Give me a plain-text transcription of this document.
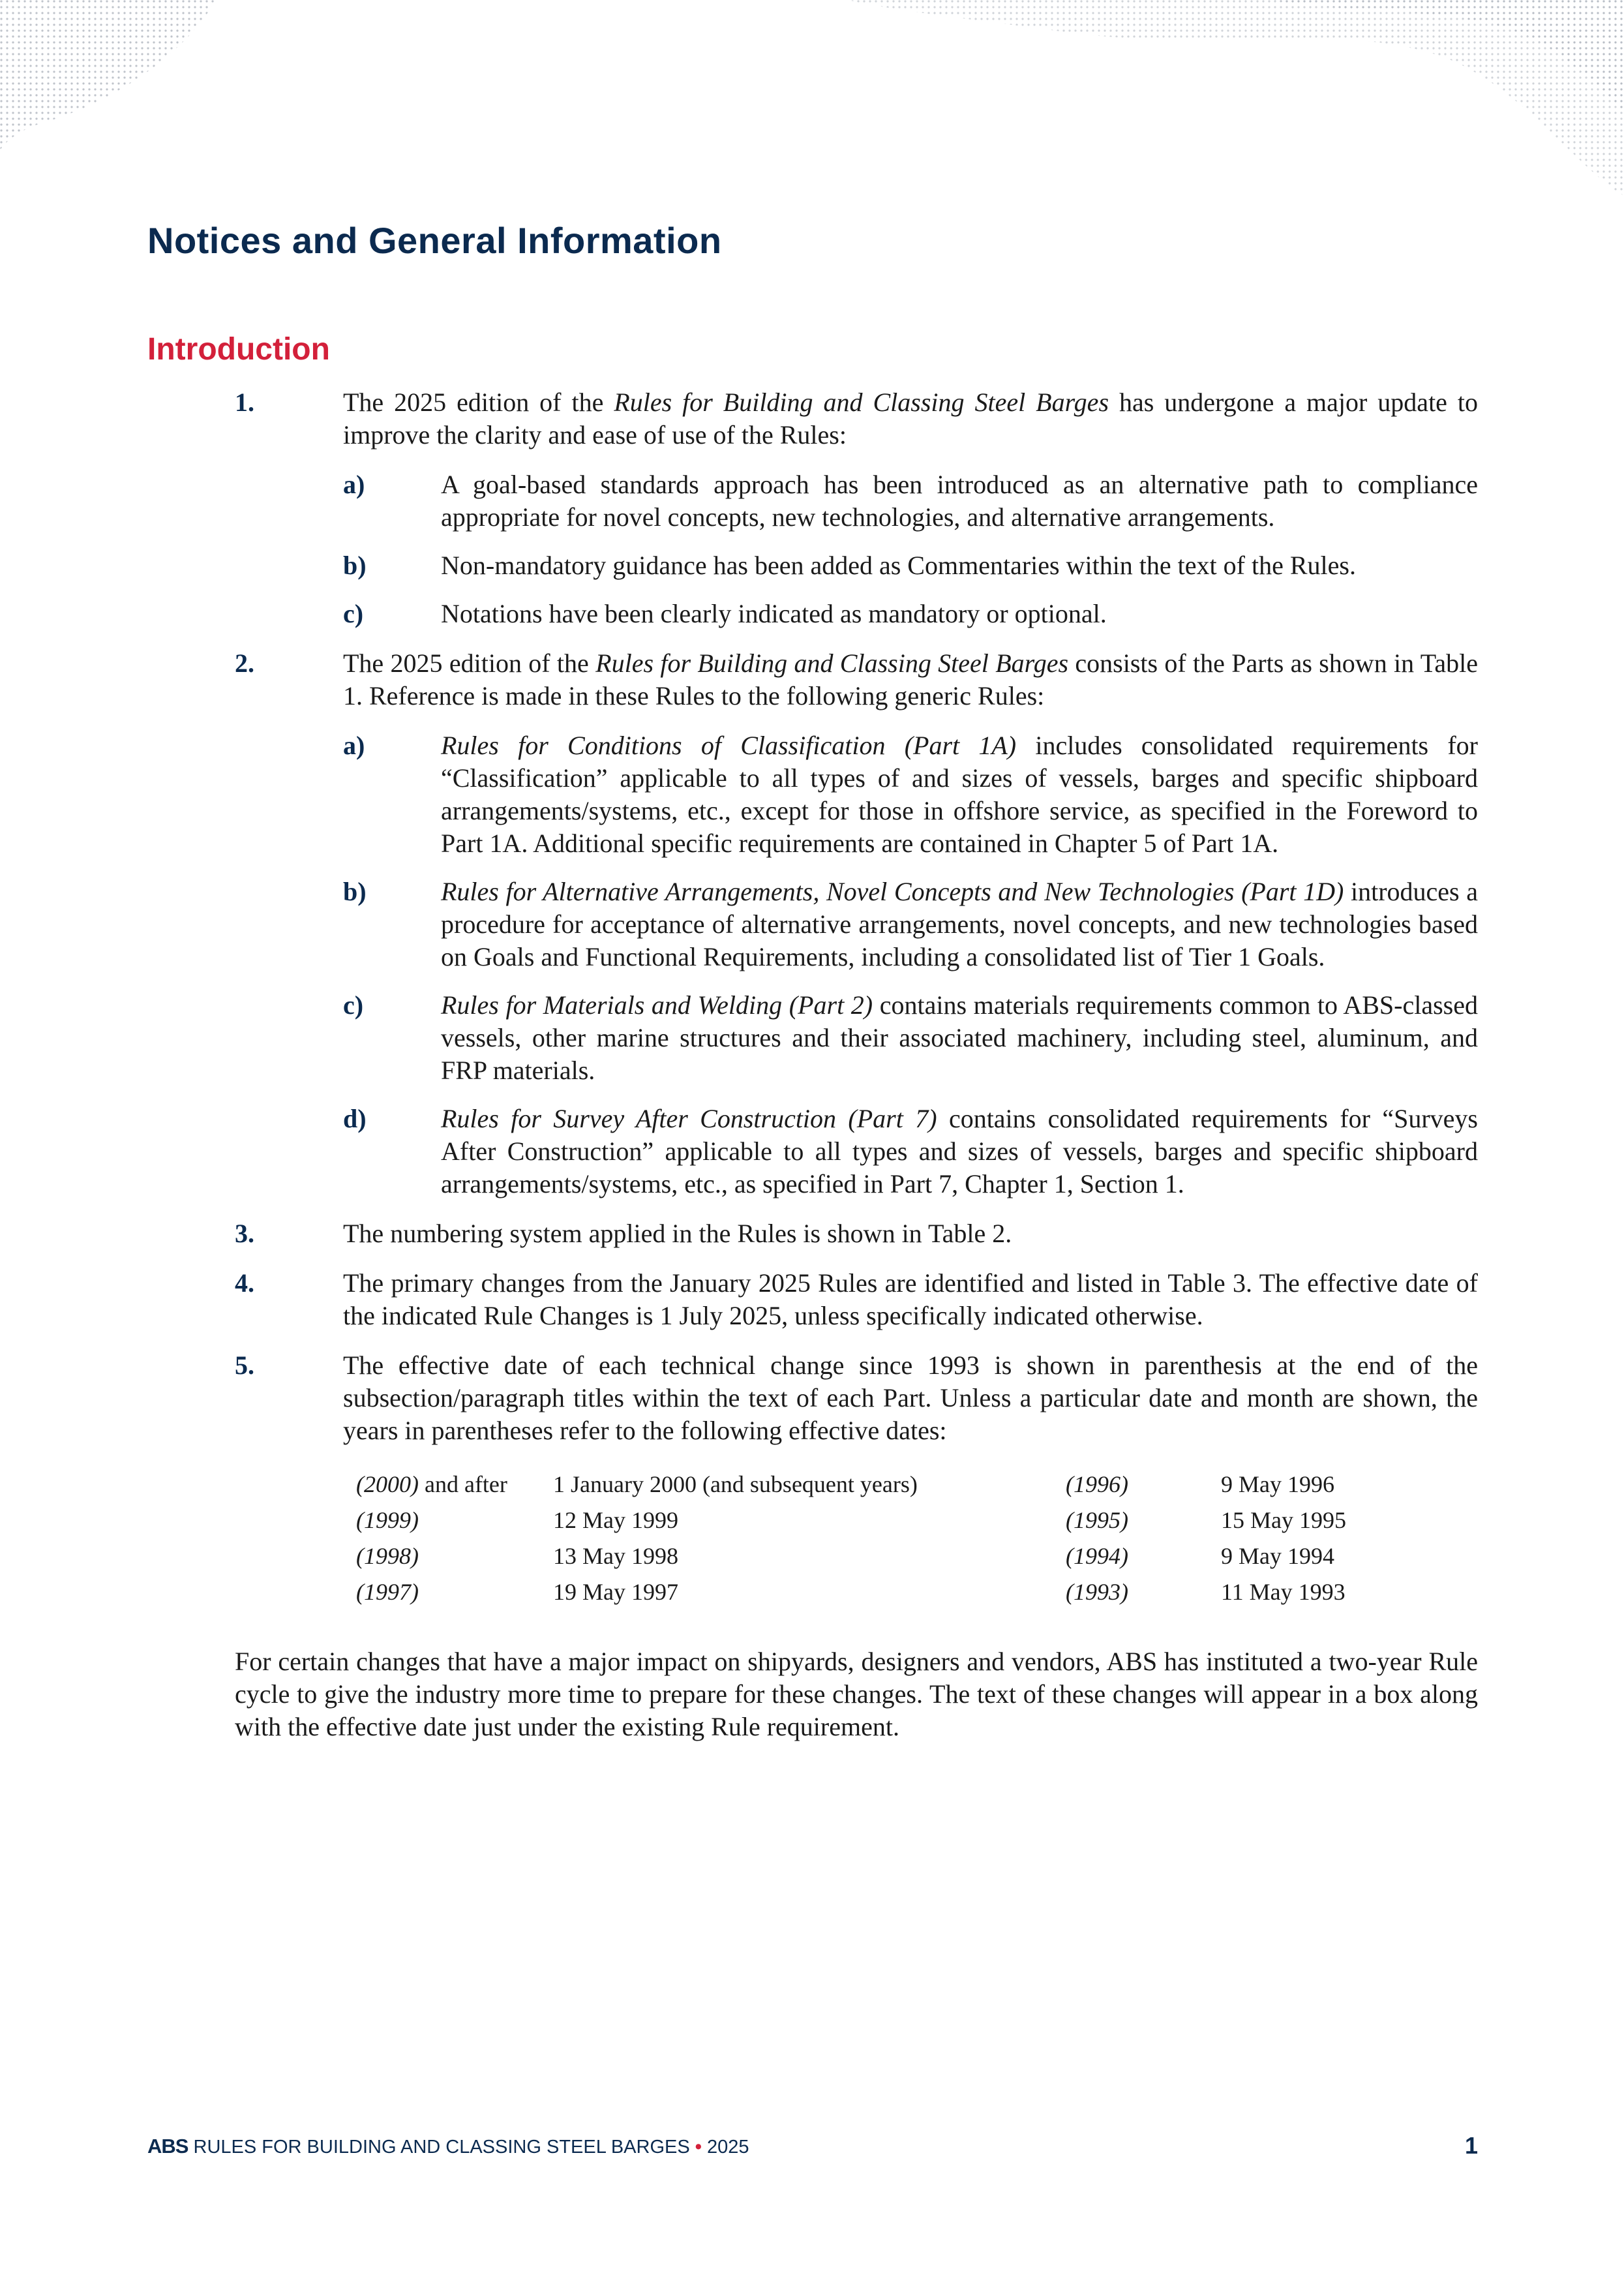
Notices and General Information
Introduction
1.	The 2025 edition of the Rules for Building and Classing Steel Barges has undergone a major update to improve the clarity and ease of use of the Rules:
a)	A goal-based standards approach has been introduced as an alternative path to compliance appropriate for novel concepts, new technologies, and alternative arrangements.
b)	Non-mandatory guidance has been added as Commentaries within the text of the Rules.
c)	Notations have been clearly indicated as mandatory or optional.
2.	The 2025 edition of the Rules for Building and Classing Steel Barges consists of the Parts as shown in Table 1. Reference is made in these Rules to the following generic Rules:
a)	Rules for Conditions of Classification (Part 1A) includes consolidated requirements for “Classification” applicable to all types of and sizes of vessels, barges and specific shipboard arrangements/systems, etc., except for those in offshore service, as specified in the Foreword to Part 1A. Additional specific requirements are contained in Chapter 5 of Part 1A.
b)	Rules for Alternative Arrangements, Novel Concepts and New Technologies (Part 1D) introduces a procedure for acceptance of alternative arrangements, novel concepts, and new technologies based on Goals and Functional Requirements, including a consolidated list of Tier 1 Goals.
c)	Rules for Materials and Welding (Part 2) contains materials requirements common to ABS-classed vessels, other marine structures and their associated machinery, including steel, aluminum, and FRP materials.
d)	Rules for Survey After Construction (Part 7) contains consolidated requirements for “Surveys After Construction” applicable to all types and sizes of vessels, barges and specific shipboard arrangements/systems, etc., as specified in Part 7, Chapter 1, Section 1.
3.	The numbering system applied in the Rules is shown in Table 2.
4.	The primary changes from the January 2025 Rules are identified and listed in Table 3. The effective date of the indicated Rule Changes is 1 July 2025, unless specifically indicated otherwise.
5.	The effective date of each technical change since 1993 is shown in parenthesis at the end of the subsection/paragraph titles within the text of each Part. Unless a particular date and month are shown, the years in parentheses refer to the following effective dates:
(2000) and after	1 January 2000 (and subsequent years)	(1996)	9 May 1996
(1999)	12 May 1999	(1995)	15 May 1995
(1998)	13 May 1998	(1994)	9 May 1994
(1997)	19 May 1997	(1993)	11 May 1993
For certain changes that have a major impact on shipyards, designers and vendors, ABS has instituted a two-year Rule cycle to give the industry more time to prepare for these changes. The text of these changes will appear in a box along with the effective date just under the existing Rule requirement.
ABS RULES FOR BUILDING AND CLASSING STEEL BARGES • 2025	1
